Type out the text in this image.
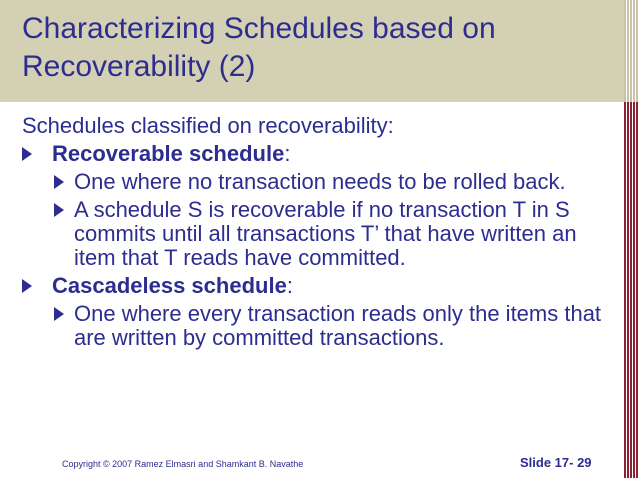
Characterizing Schedules based on Recoverability (2)

Schedules classified on recoverability:

Recoverable schedule:
One where no transaction needs to be rolled back.
A schedule S is recoverable if no transaction T in S commits until all transactions T’ that have written an item that T reads have committed.
Cascadeless schedule:
One where every transaction reads only the items that are written by committed transactions.
Copyright © 2007 Ramez Elmasri and Shamkant B. Navathe	Slide 17- 29
